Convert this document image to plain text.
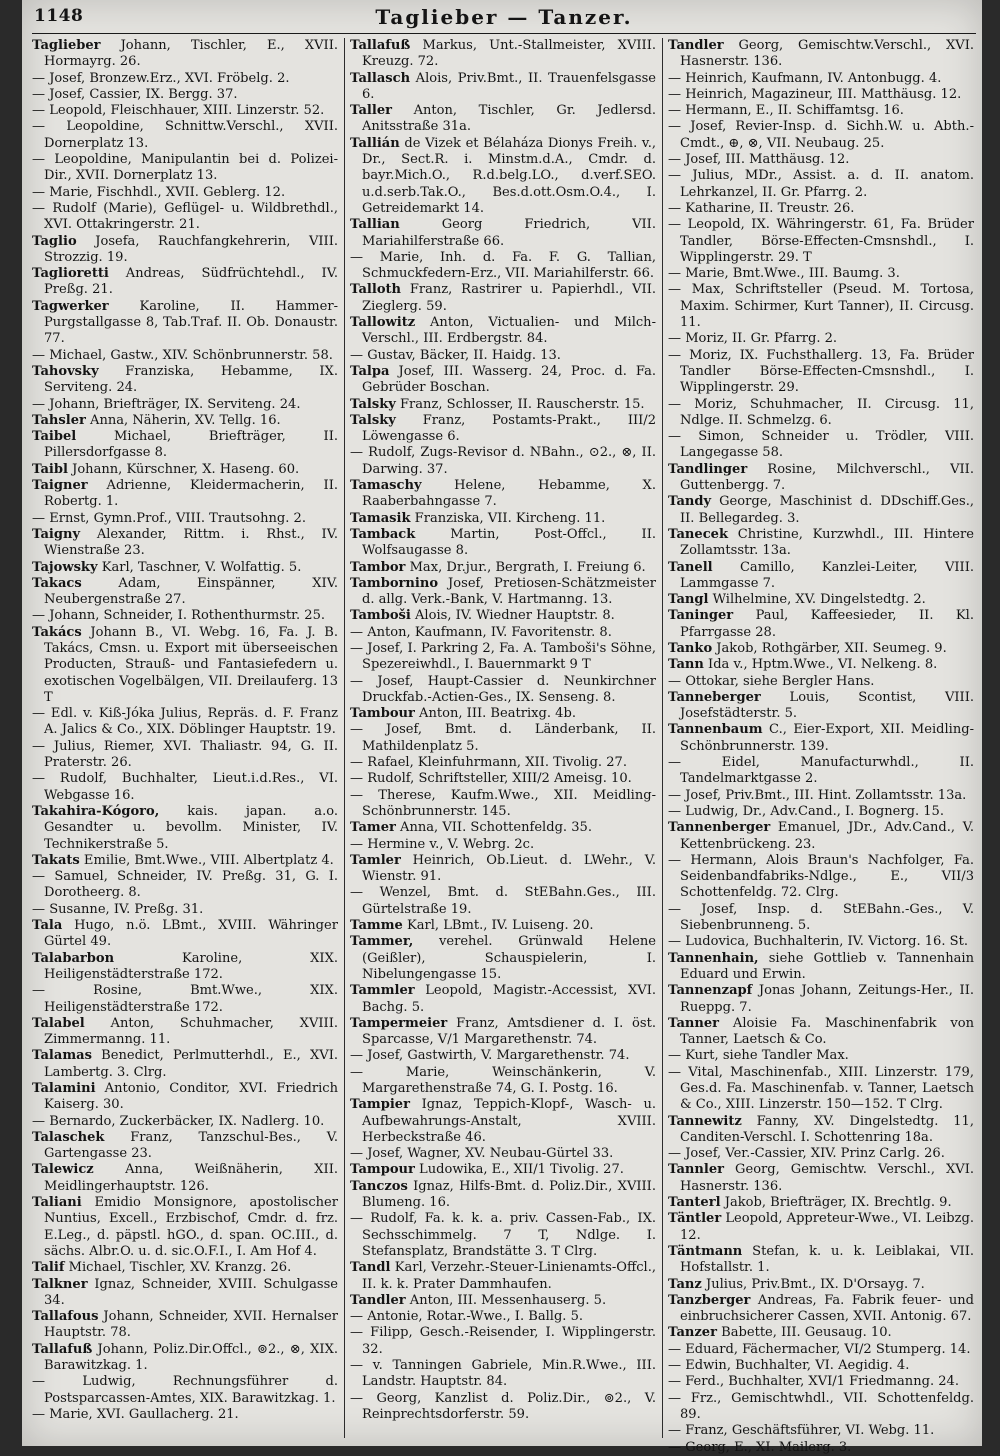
1148	Taglieber — Tanzer.

Taglieber Johann, Tischler, E., XVII. Hormayrg. 26.

— Josef, Bronzew.Erz., XVI. Fröbelg. 2.

— Josef, Cassier, IX. Bergg. 37.

— Leopold, Fleischhauer, XIII. Linzerstr. 52.

— Leopoldine, Schnittw.Verschl., XVII. Dornerplatz 13.

— Leopoldine, Manipulantin bei d. Polizei-Dir., XVII. Dornerplatz 13.

— Marie, Fischhdl., XVII. Geblerg. 12.

— Rudolf (Marie), Geflügel- u. Wildbrethdl., XVI. Ottakringerstr. 21.

Taglio Josefa, Rauchfangkehrerin, VIII. Strozzig. 19.

Taglioretti Andreas, Südfrüchtehdl., IV. Preßg. 21.

Tagwerker Karoline, II. Hammer-Purgstallgasse 8, Tab.Traf. II. Ob. Donaustr. 77.

— Michael, Gastw., XIV. Schönbrunnerstr. 58.

Tahovsky Franziska, Hebamme, IX. Serviteng. 24.

— Johann, Briefträger, IX. Serviteng. 24.

Tahsler Anna, Näherin, XV. Tellg. 16.

Taibel Michael, Briefträger, II. Pillersdorfgasse 8.

Taibl Johann, Kürschner, X. Haseng. 60.

Taigner Adrienne, Kleidermacherin, II. Robertg. 1.

— Ernst, Gymn.Prof., VIII. Trautsohng. 2.

Taigny Alexander, Rittm. i. Rhst., IV. Wienstraße 23.

Tajowsky Karl, Taschner, V. Wolfattig. 5.

Takacs Adam, Einspänner, XIV. Neubergenstraße 27.

— Johann, Schneider, I. Rothenthurmstr. 25.

Takács Johann B., VI. Webg. 16, Fa. J. B. Takács, Cmsn. u. Export mit überseeischen Producten, Strauß- und Fantasiefedern u. exotischen Vogelbälgen, VII. Dreilauferg. 13 T

— Edl. v. Kiß-Jóka Julius, Repräs. d. F. Franz A. Jalics & Co., XIX. Döblinger Hauptstr. 19.

— Julius, Riemer, XVI. Thaliastr. 94, G. II. Praterstr. 26.

— Rudolf, Buchhalter, Lieut.i.d.Res., VI. Webgasse 16.

Takahira-Kógoro, kais. japan. a.o. Gesandter u. bevollm. Minister, IV. Technikerstraße 5.

Takats Emilie, Bmt.Wwe., VIII. Albertplatz 4.

— Samuel, Schneider, IV. Preßg. 31, G. I. Dorotheerg. 8.

— Susanne, IV. Preßg. 31.

Tala Hugo, n.ö. LBmt., XVIII. Währinger Gürtel 49.

Talabarbon Karoline, XIX. Heiligenstädterstraße 172.

— Rosine, Bmt.Wwe., XIX. Heiligenstädterstraße 172.

Talabel Anton, Schuhmacher, XVIII. Zimmermanng. 11.

Talamas Benedict, Perlmutterhdl., E., XVI. Lambertg. 3. Clrg.

Talamini Antonio, Conditor, XVI. Friedrich Kaiserg. 30.

— Bernardo, Zuckerbäcker, IX. Nadlerg. 10.

Talaschek Franz, Tanzschul-Bes., V. Gartengasse 23.

Talewicz Anna, Weißnäherin, XII. Meidlingerhauptstr. 126.

Taliani Emidio Monsignore, apostolischer Nuntius, Excell., Erzbischof, Cmdr. d. frz. E.Leg., d. päpstl. hGO., d. span. OC.III., d. sächs. Albr.O. u. d. sic.O.F.I., I. Am Hof 4.

Talif Michael, Tischler, XV. Kranzg. 26.

Talkner Ignaz, Schneider, XVIII. Schulgasse 34.

Tallafous Johann, Schneider, XVII. Hernalser Hauptstr. 78.

Tallafuß Johann, Poliz.Dir.Offcl., ⊚2., ⊗, XIX. Barawitzkag. 1.

— Ludwig, Rechnungsführer d. Postsparcassen-Amtes, XIX. Barawitzkag. 1.

— Marie, XVI. Gaullacherg. 21.

Tallafuß Markus, Unt.-Stallmeister, XVIII. Kreuzg. 72.

Tallasch Alois, Priv.Bmt., II. Trauenfelsgasse 6.

Taller Anton, Tischler, Gr. Jedlersd. Anitsstraße 31a.

Tallián de Vizek et Bélaháza Dionys Freih. v., Dr., Sect.R. i. Minstm.d.A., Cmdr. d. bayr.Mich.O., R.d.belg.LO., d.verf.SEO. u.d.serb.Tak.O., Bes.d.ott.Osm.O.4., I. Getreidemarkt 14.

Tallian Georg Friedrich, VII. Mariahilferstraße 66.

— Marie, Inh. d. Fa. F. G. Tallian, Schmuckfedern-Erz., VII. Mariahilferstr. 66.

Talloth Franz, Rastrirer u. Papierhdl., VII. Zieglerg. 59.

Tallowitz Anton, Victualien- und Milch-Verschl., III. Erdbergstr. 84.

— Gustav, Bäcker, II. Haidg. 13.

Talpa Josef, III. Wasserg. 24, Proc. d. Fa. Gebrüder Boschan.

Talsky Franz, Schlosser, II. Rauscherstr. 15.

Talsky Franz, Postamts-Prakt., III/2 Löwengasse 6.

— Rudolf, Zugs-Revisor d. NBahn., ⊙2., ⊗, II. Darwing. 37.

Tamaschy Helene, Hebamme, X. Raaberbahngasse 7.

Tamasik Franziska, VII. Kircheng. 11.

Tamback Martin, Post-Offcl., II. Wolfsaugasse 8.

Tambor Max, Dr.jur., Bergrath, I. Freiung 6.

Tambornino Josef, Pretiosen-Schätzmeister d. allg. Verk.-Bank, V. Hartmanng. 13.

Tamboši Alois, IV. Wiedner Hauptstr. 8.

— Anton, Kaufmann, IV. Favoritenstr. 8.

— Josef, I. Parkring 2, Fa. A. Tamboši's Söhne, Spezereiwhdl., I. Bauernmarkt 9 T

— Josef, Haupt-Cassier d. Neunkirchner Druckfab.-Actien-Ges., IX. Senseng. 8.

Tambour Anton, III. Beatrixg. 4b.

— Josef, Bmt. d. Länderbank, II. Mathildenplatz 5.

— Rafael, Kleinfuhrmann, XII. Tivolig. 27.

— Rudolf, Schriftsteller, XIII/2 Ameisg. 10.

— Therese, Kaufm.Wwe., XII. Meidling-Schönbrunnerstr. 145.

Tamer Anna, VII. Schottenfeldg. 35.

— Hermine v., V. Webrg. 2c.

Tamler Heinrich, Ob.Lieut. d. LWehr., V. Wienstr. 91.

— Wenzel, Bmt. d. StEBahn.Ges., III. Gürtelstraße 19.

Tamme Karl, LBmt., IV. Luiseng. 20.

Tammer, verehel. Grünwald Helene (Geißler), Schauspielerin, I. Nibelungengasse 15.

Tammler Leopold, Magistr.-Accessist, XVI. Bachg. 5.

Tampermeier Franz, Amtsdiener d. I. öst. Sparcasse, V/1 Margarethenstr. 74.

— Josef, Gastwirth, V. Margarethenstr. 74.

— Marie, Weinschänkerin, V. Margarethenstraße 74, G. I. Postg. 16.

Tampier Ignaz, Teppich-Klopf-, Wasch- u. Aufbewahrungs-Anstalt, XVIII. Herbeckstraße 46.

— Josef, Wagner, XV. Neubau-Gürtel 33.

Tampour Ludowika, E., XII/1 Tivolig. 27.

Tanczos Ignaz, Hilfs-Bmt. d. Poliz.Dir., XVIII. Blumeng. 16.

— Rudolf, Fa. k. k. a. priv. Cassen-Fab., IX. Sechsschimmelg. 7 T, Ndlge. I. Stefansplatz, Brandstätte 3. T Clrg.

Tandl Karl, Verzehr.-Steuer-Linienamts-Offcl., II. k. k. Prater Dammhaufen.

Tandler Anton, III. Messenhauserg. 5.

— Antonie, Rotar.-Wwe., I. Ballg. 5.

— Filipp, Gesch.-Reisender, I. Wipplingerstr. 32.

— v. Tanningen Gabriele, Min.R.Wwe., III. Landstr. Hauptstr. 84.

— Georg, Kanzlist d. Poliz.Dir., ⊚2., V. Reinprechtsdorferstr. 59.

Tandler Georg, Gemischtw.Verschl., XVI. Hasnerstr. 136.

— Heinrich, Kaufmann, IV. Antonbugg. 4.

— Heinrich, Magazineur, III. Matthäusg. 12.

— Hermann, E., II. Schiffamtsg. 16.

— Josef, Revier-Insp. d. Sichh.W. u. Abth.-Cmdt., ⊕, ⊗, VII. Neubaug. 25.

— Josef, III. Matthäusg. 12.

— Julius, MDr., Assist. a. d. II. anatom. Lehrkanzel, II. Gr. Pfarrg. 2.

— Katharine, II. Treustr. 26.

— Leopold, IX. Währingerstr. 61, Fa. Brüder Tandler, Börse-Effecten-Cmsnshdl., I. Wipplingerstr. 29. T

— Marie, Bmt.Wwe., III. Baumg. 3.

— Max, Schriftsteller (Pseud. M. Tortosa, Maxim. Schirmer, Kurt Tanner), II. Circusg. 11.

— Moriz, II. Gr. Pfarrg. 2.

— Moriz, IX. Fuchsthallerg. 13, Fa. Brüder Tandler Börse-Effecten-Cmsnshdl., I. Wipplingerstr. 29.

— Moriz, Schuhmacher, II. Circusg. 11, Ndlge. II. Schmelzg. 6.

— Simon, Schneider u. Trödler, VIII. Langegasse 58.

Tandlinger Rosine, Milchverschl., VII. Guttenbergg. 7.

Tandy George, Maschinist d. DDschiff.Ges., II. Bellegardeg. 3.

Tanecek Christine, Kurzwhdl., III. Hintere Zollamtsstr. 13a.

Tanell Camillo, Kanzlei-Leiter, VIII. Lammgasse 7.

Tangl Wilhelmine, XV. Dingelstedtg. 2.

Taninger Paul, Kaffeesieder, II. Kl. Pfarrgasse 28.

Tanko Jakob, Rothgärber, XII. Seumeg. 9.

Tann Ida v., Hptm.Wwe., VI. Nelkeng. 8.

— Ottokar, siehe Bergler Hans.

Tanneberger Louis, Scontist, VIII. Josefstädterstr. 5.

Tannenbaum C., Eier-Export, XII. Meidling-Schönbrunnerstr. 139.

— Eidel, Manufacturwhdl., II. Tandelmarktgasse 2.

— Josef, Priv.Bmt., III. Hint. Zollamtsstr. 13a.

— Ludwig, Dr., Adv.Cand., I. Bognerg. 15.

Tannenberger Emanuel, JDr., Adv.Cand., V. Kettenbrückeng. 23.

— Hermann, Alois Braun's Nachfolger, Fa. Seidenbandfabriks-Ndlge., E., VII/3 Schottenfeldg. 72. Clrg.

— Josef, Insp. d. StEBahn.-Ges., V. Siebenbrunneng. 5.

— Ludovica, Buchhalterin, IV. Victorg. 16. St.

Tannenhain, siehe Gottlieb v. Tannenhain Eduard und Erwin.

Tannenzapf Jonas Johann, Zeitungs-Her., II. Rueppg. 7.

Tanner Aloisie Fa. Maschinenfabrik von Tanner, Laetsch & Co.

— Kurt, siehe Tandler Max.

— Vital, Maschinenfab., XIII. Linzerstr. 179, Ges.d. Fa. Maschinenfab. v. Tanner, Laetsch & Co., XIII. Linzerstr. 150—152. T Clrg.

Tannewitz Fanny, XV. Dingelstedtg. 11, Canditen-Verschl. I. Schottenring 18a.

— Josef, Ver.-Cassier, XIV. Prinz Carlg. 26.

Tannler Georg, Gemischtw. Verschl., XVI. Hasnerstr. 136.

Tanterl Jakob, Briefträger, IX. Brechtlg. 9.

Täntler Leopold, Appreteur-Wwe., VI. Leibzg. 12.

Täntmann Stefan, k. u. k. Leiblakai, VII. Hofstallstr. 1.

Tanz Julius, Priv.Bmt., IX. D'Orsayg. 7.

Tanzberger Andreas, Fa. Fabrik feuer- und einbruchsicherer Cassen, XVII. Antonig. 67.

Tanzer Babette, III. Geusaug. 10.

— Eduard, Fächermacher, VI/2 Stumperg. 14.

— Edwin, Buchhalter, VI. Aegidig. 4.

— Ferd., Buchhalter, XVI/1 Friedmanng. 24.

— Frz., Gemischtwhdl., VII. Schottenfeldg. 89.

— Franz, Geschäftsführer, VI. Webg. 11.

— Georg, E., XI. Mailerg. 3.
